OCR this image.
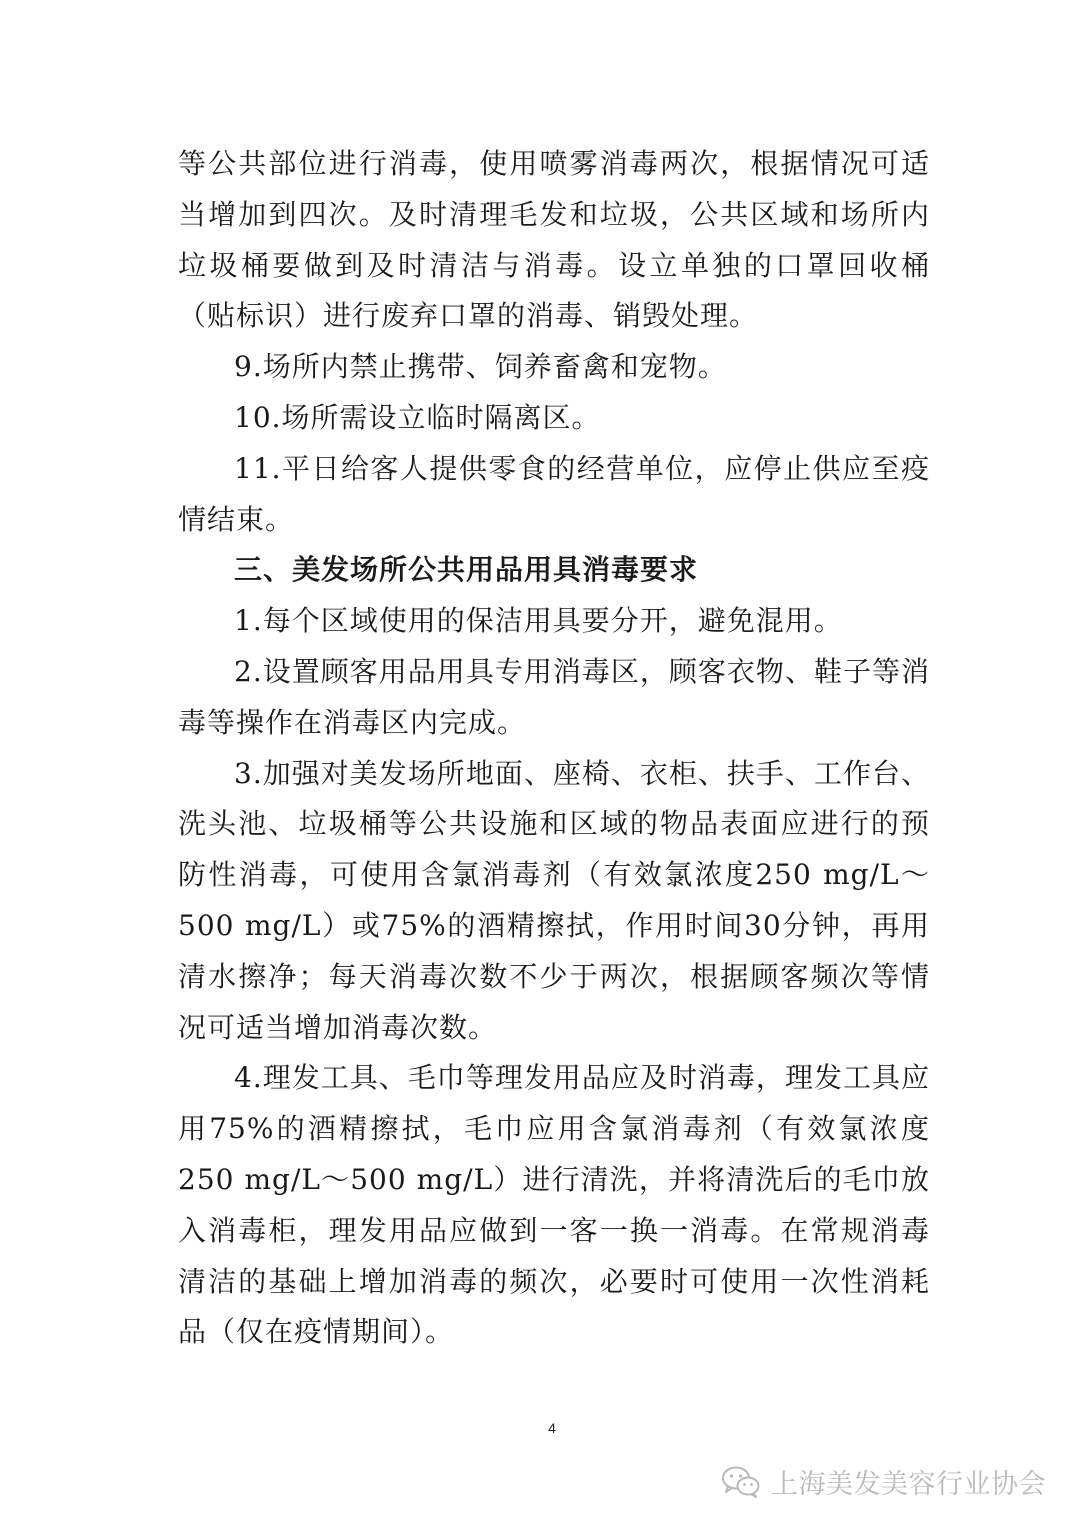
等公共部位进行消毒，使用喷雾消毒两次，根据情况可适当增加到四次。及时清理毛发和垃圾，公共区域和场所内垃圾桶要做到及时清洁与消毒。设立单独的口罩回收桶（贴标识）进行废弃口罩的消毒、销毁处理。

9.场所内禁止携带、饲养畜禽和宠物。

10.场所需设立临时隔离区。

11.平日给客人提供零食的经营单位，应停止供应至疫情结束。

三、美发场所公共用品用具消毒要求

1.每个区域使用的保洁用具要分开，避免混用。

2.设置顾客用品用具专用消毒区，顾客衣物、鞋子等消毒等操作在消毒区内完成。

3.加强对美发场所地面、座椅、衣柜、扶手、工作台、洗头池、垃圾桶等公共设施和区域的物品表面应进行的预防性消毒，可使用含氯消毒剂（有效氯浓度250 mg/L～500 mg/L）或75%的酒精擦拭，作用时间30分钟，再用清水擦净；每天消毒次数不少于两次，根据顾客频次等情况可适当增加消毒次数。

4.理发工具、毛巾等理发用品应及时消毒，理发工具应用75%的酒精擦拭，毛巾应用含氯消毒剂（有效氯浓度250 mg/L～500 mg/L）进行清洗，并将清洗后的毛巾放入消毒柜，理发用品应做到一客一换一消毒。在常规消毒清洁的基础上增加消毒的频次，必要时可使用一次性消耗品（仅在疫情期间）。

4
上海美发美容行业协会
